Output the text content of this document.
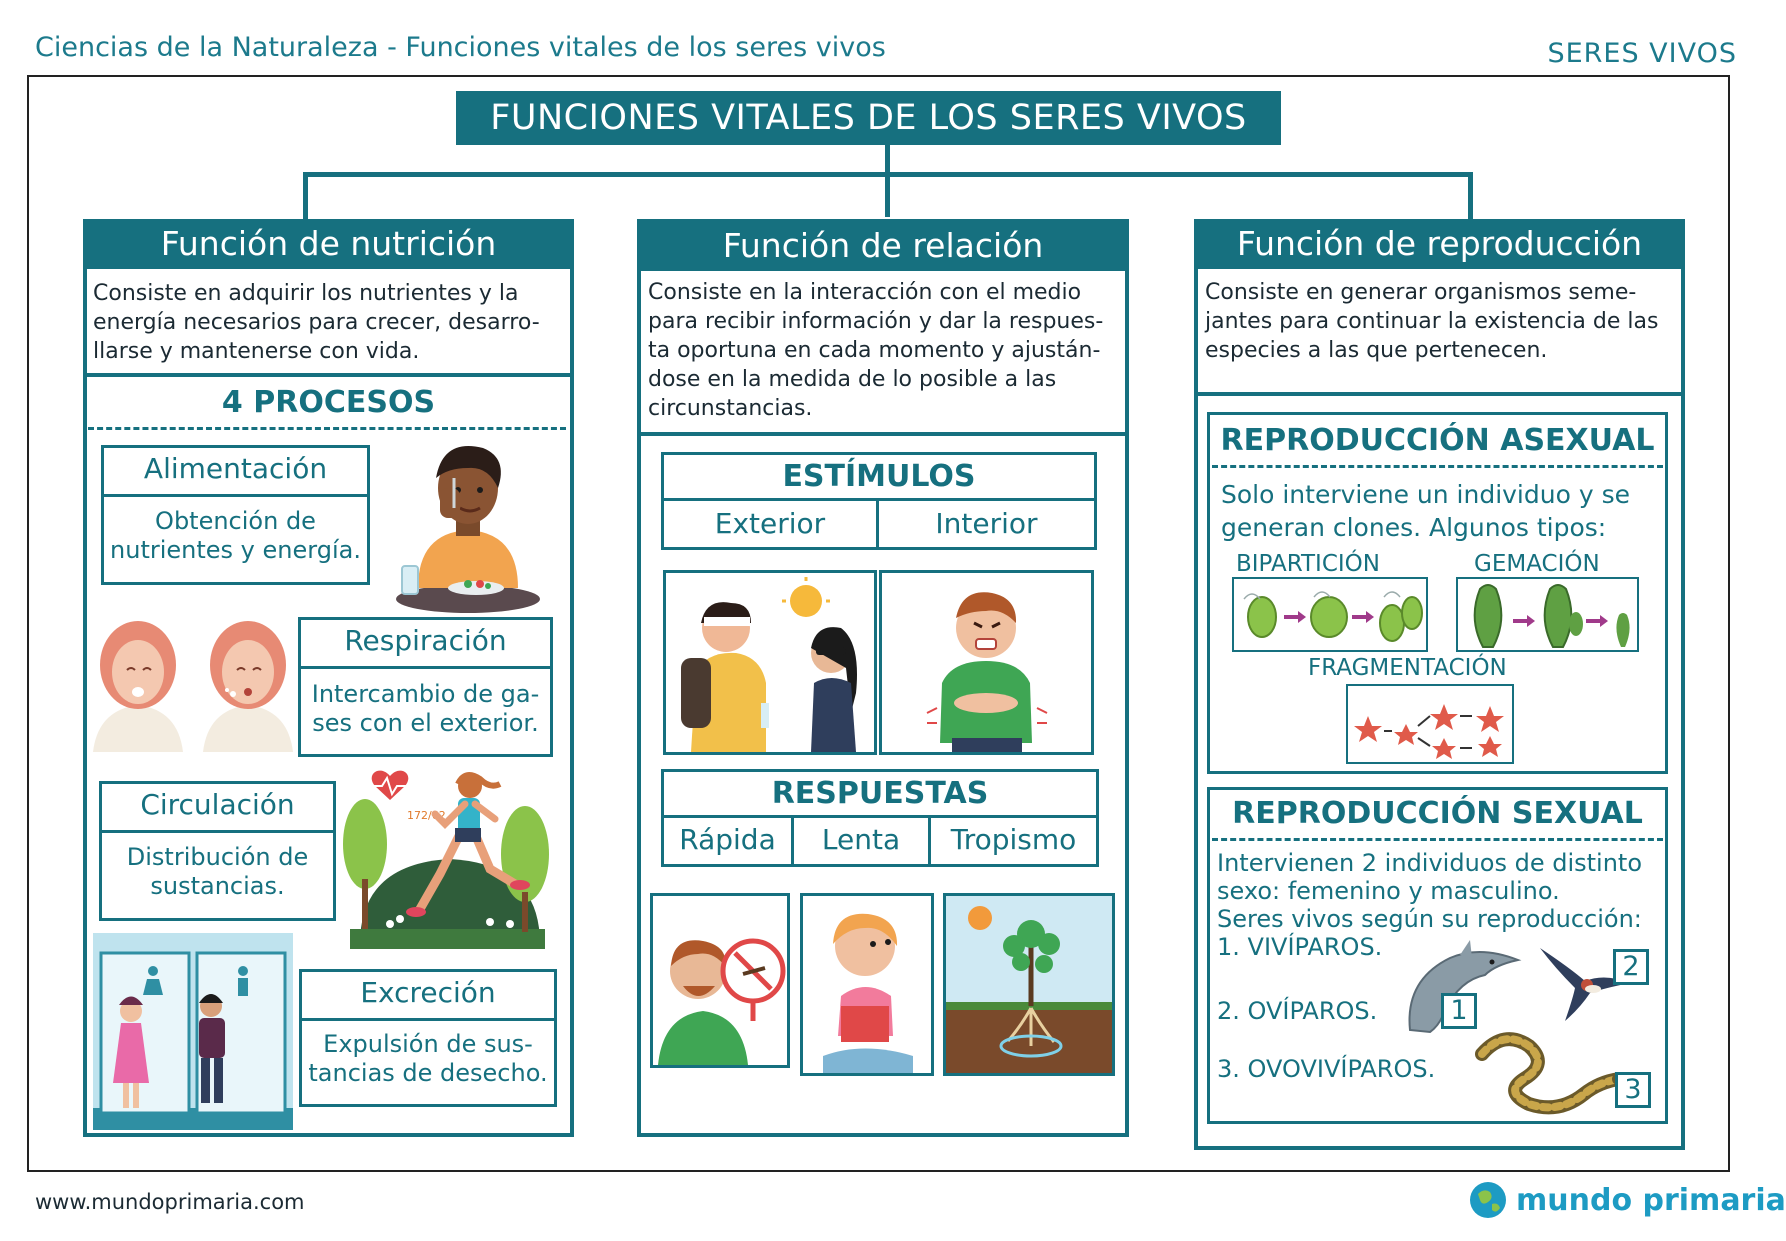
Ciencias de la Naturaleza - Funciones vitales de los seres vivos	SERES VIVOS
FUNCIONES VITALES DE LOS SERES VIVOS
Función de nutrición
Consiste en adquirir los nutrientes y la
energía necesarios para crecer, desarro-
llarse y mantenerse con vida.
4 PROCESOS
Alimentación
Obtención de
nutrientes y energía.
Respiración
Intercambio de ga-
ses con el exterior.
Circulación
Distribución de
sustancias.
172/62
Excreción
Expulsión de sus-
tancias de desecho.
Función de relación
Consiste en la interacción con el medio
para recibir información y dar la respues-
ta oportuna en cada momento y ajustán-
dose en la medida de lo posible a las
circunstancias.
ESTÍMULOS
Exterior	Interior
RESPUESTAS
Rápida	Lenta	Tropismo
Función de reproducción
Consiste en generar organismos seme-
jantes para continuar la existencia de las
especies a las que pertenecen.
REPRODUCCIÓN ASEXUAL
Solo interviene un individuo y se
generan clones. Algunos tipos:
BIPARTICIÓN	GEMACIÓN
FRAGMENTACIÓN
REPRODUCCIÓN SEXUAL
Intervienen 2 individuos de distinto
sexo: femenino y masculino.
Seres vivos según su reproducción:
1. VIVÍPAROS.
2. OVÍPAROS.
3. OVOVIVÍPAROS.
1
2
3
www.mundoprimaria.com	mundo primaria
